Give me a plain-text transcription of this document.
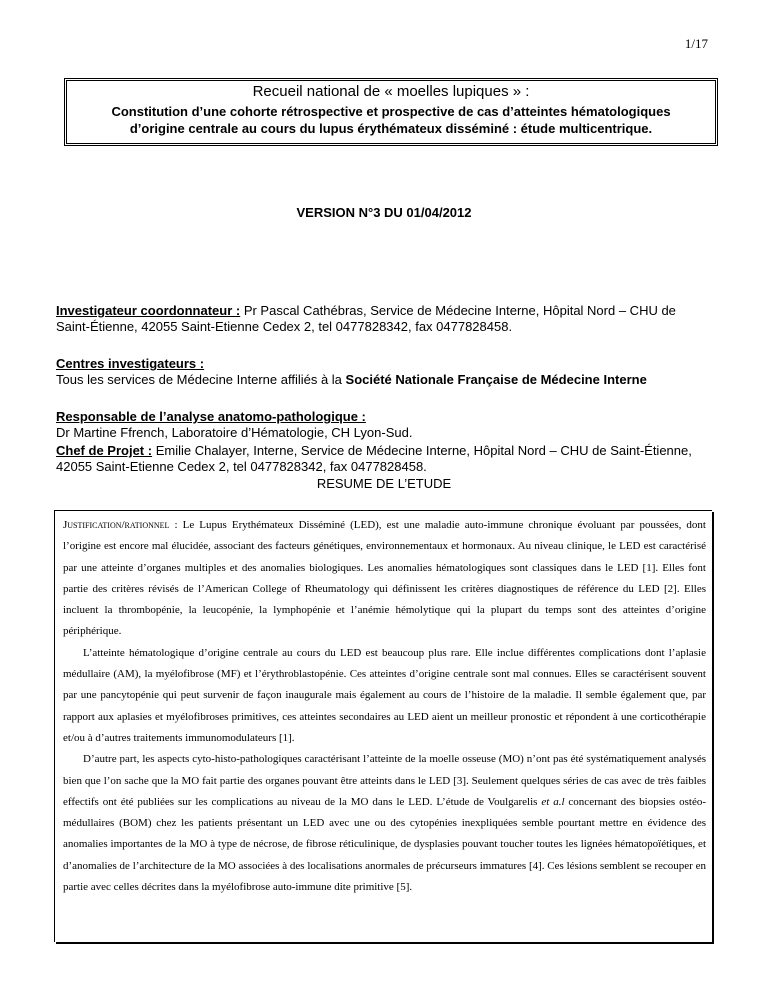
1/17
Recueil national de « moelles lupiques » :
Constitution d’une cohorte rétrospective et prospective de cas d’atteintes hématologiques
d’origine centrale au cours du lupus érythémateux disséminé : étude multicentrique.
VERSION N°3 DU 01/04/2012
Investigateur coordonnateur : Pr Pascal Cathébras, Service de Médecine Interne, Hôpital Nord – CHU de Saint-Étienne, 42055 Saint-Etienne Cedex 2, tel 0477828342, fax 0477828458.
Centres investigateurs :
Tous les services de Médecine Interne affiliés à la Société Nationale Française de Médecine Interne
Responsable de l’analyse anatomo-pathologique :
Dr Martine Ffrench, Laboratoire d’Hématologie, CH Lyon-Sud.
Chef de Projet : Emilie Chalayer, Interne, Service de Médecine Interne, Hôpital Nord – CHU de Saint-Étienne, 42055 Saint-Etienne Cedex 2, tel 0477828342, fax 0477828458.
RESUME DE L’ETUDE

Justification/rationnel : Le Lupus Erythémateux Disséminé (LED), est une maladie auto-immune chronique évoluant par poussées, dont l’origine est encore mal élucidée, associant des facteurs génétiques, environnementaux et hormonaux. Au niveau clinique, le LED est caractérisé par une atteinte d’organes multiples et des anomalies biologiques. Les anomalies hématologiques sont classiques dans le LED [1]. Elles font partie des critères révisés de l’American College of Rheumatology qui définissent les critères diagnostiques de référence du LED [2]. Elles incluent la thrombopénie, la leucopénie, la lymphopénie et l’anémie hémolytique qui la plupart du temps sont des atteintes d’origine périphérique.

L’atteinte hématologique d’origine centrale au cours du LED est beaucoup plus rare. Elle inclue différentes complications dont l’aplasie médullaire (AM), la myélofibrose (MF) et l’érythroblastopénie. Ces atteintes d’origine centrale sont mal connues. Elles se caractérisent souvent par une pancytopénie qui peut survenir de façon inaugurale mais également au cours de l’histoire de la maladie. Il semble également que, par rapport aux aplasies et myélofibroses primitives, ces atteintes secondaires au LED aient un meilleur pronostic et répondent à une corticothérapie et/ou à d’autres traitements immunomodulateurs [1].

D’autre part, les aspects cyto-histo-pathologiques caractérisant l’atteinte de la moelle osseuse (MO) n’ont pas été systématiquement analysés bien que l’on sache que la MO fait partie des organes pouvant être atteints dans le LED [3]. Seulement quelques séries de cas avec de très faibles effectifs ont été publiées sur les complications au niveau de la MO dans le LED. L’étude de Voulgarelis et a.l concernant des biopsies ostéo-médullaires (BOM) chez les patients présentant un LED avec une ou des cytopénies inexpliquées semble pourtant mettre en évidence des anomalies importantes de la MO à type de nécrose, de fibrose réticulinique, de dysplasies pouvant toucher toutes les lignées hématopoïétiques, et d’anomalies de l’architecture de la MO associées à des localisations anormales de précurseurs immatures [4]. Ces lésions semblent se recouper en partie avec celles décrites dans la myélofibrose auto-immune dite primitive [5].
